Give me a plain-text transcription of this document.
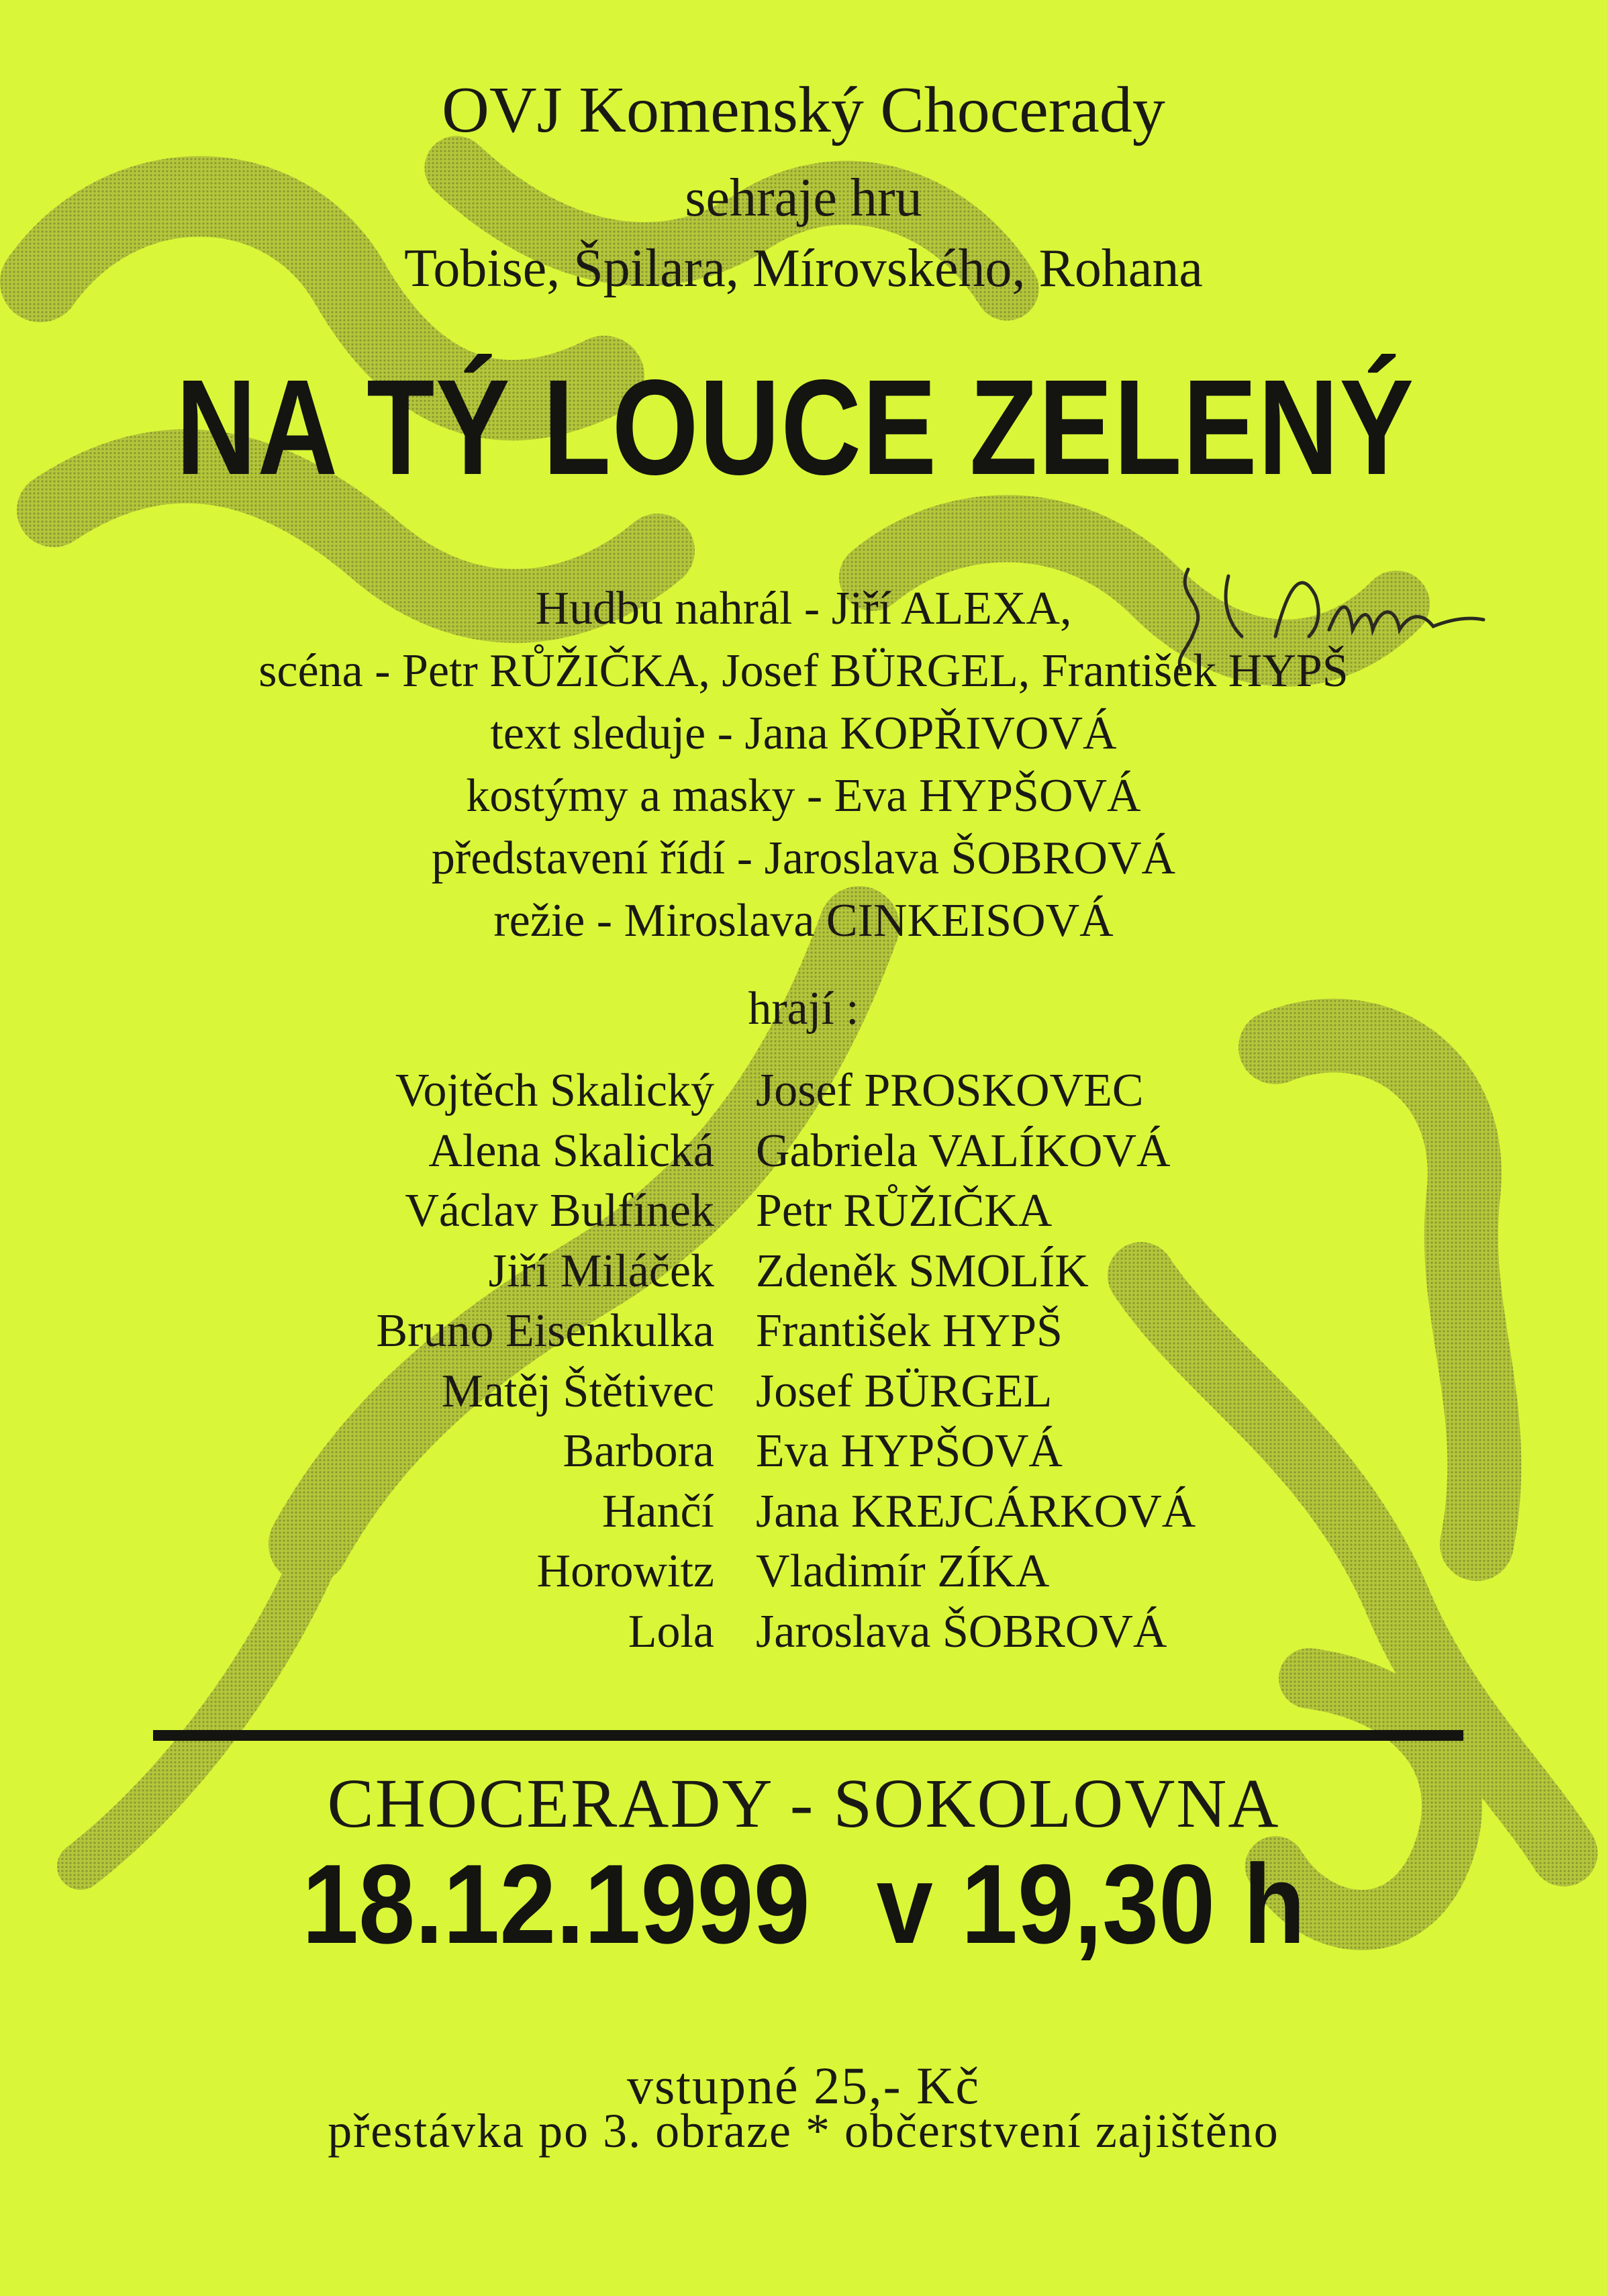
OVJ Komenský Chocerady
sehraje hru
Tobise, Špilara, Mírovského, Rohana
NA TÝ LOUCE ZELENÝ
Hudbu nahrál - Jiří ALEXA,
scéna - Petr RŮŽIČKA, Josef BÜRGEL, František HYPŠ
text sleduje - Jana KOPŘIVOVÁ
kostýmy a masky - Eva HYPŠOVÁ
představení řídí - Jaroslava ŠOBROVÁ
režie - Miroslava CINKEISOVÁ
hrají :
Vojtěch Skalický Josef PROSKOVEC
Alena Skalická Gabriela VALÍKOVÁ
Václav Bulfínek Petr RŮŽIČKA
Jiří Miláček Zdeněk SMOLÍK
Bruno Eisenkulka František HYPŠ
Matěj Štětivec Josef BÜRGEL
Barbora Eva HYPŠOVÁ
Hančí Jana KREJCÁRKOVÁ
Horowitz Vladimír ZÍKA
Lola Jaroslava ŠOBROVÁ
CHOCERADY - SOKOLOVNA
18.12.1999 v 19,30 h
vstupné 25,- Kč
přestávka po 3. obraze * občerstvení zajištěno
